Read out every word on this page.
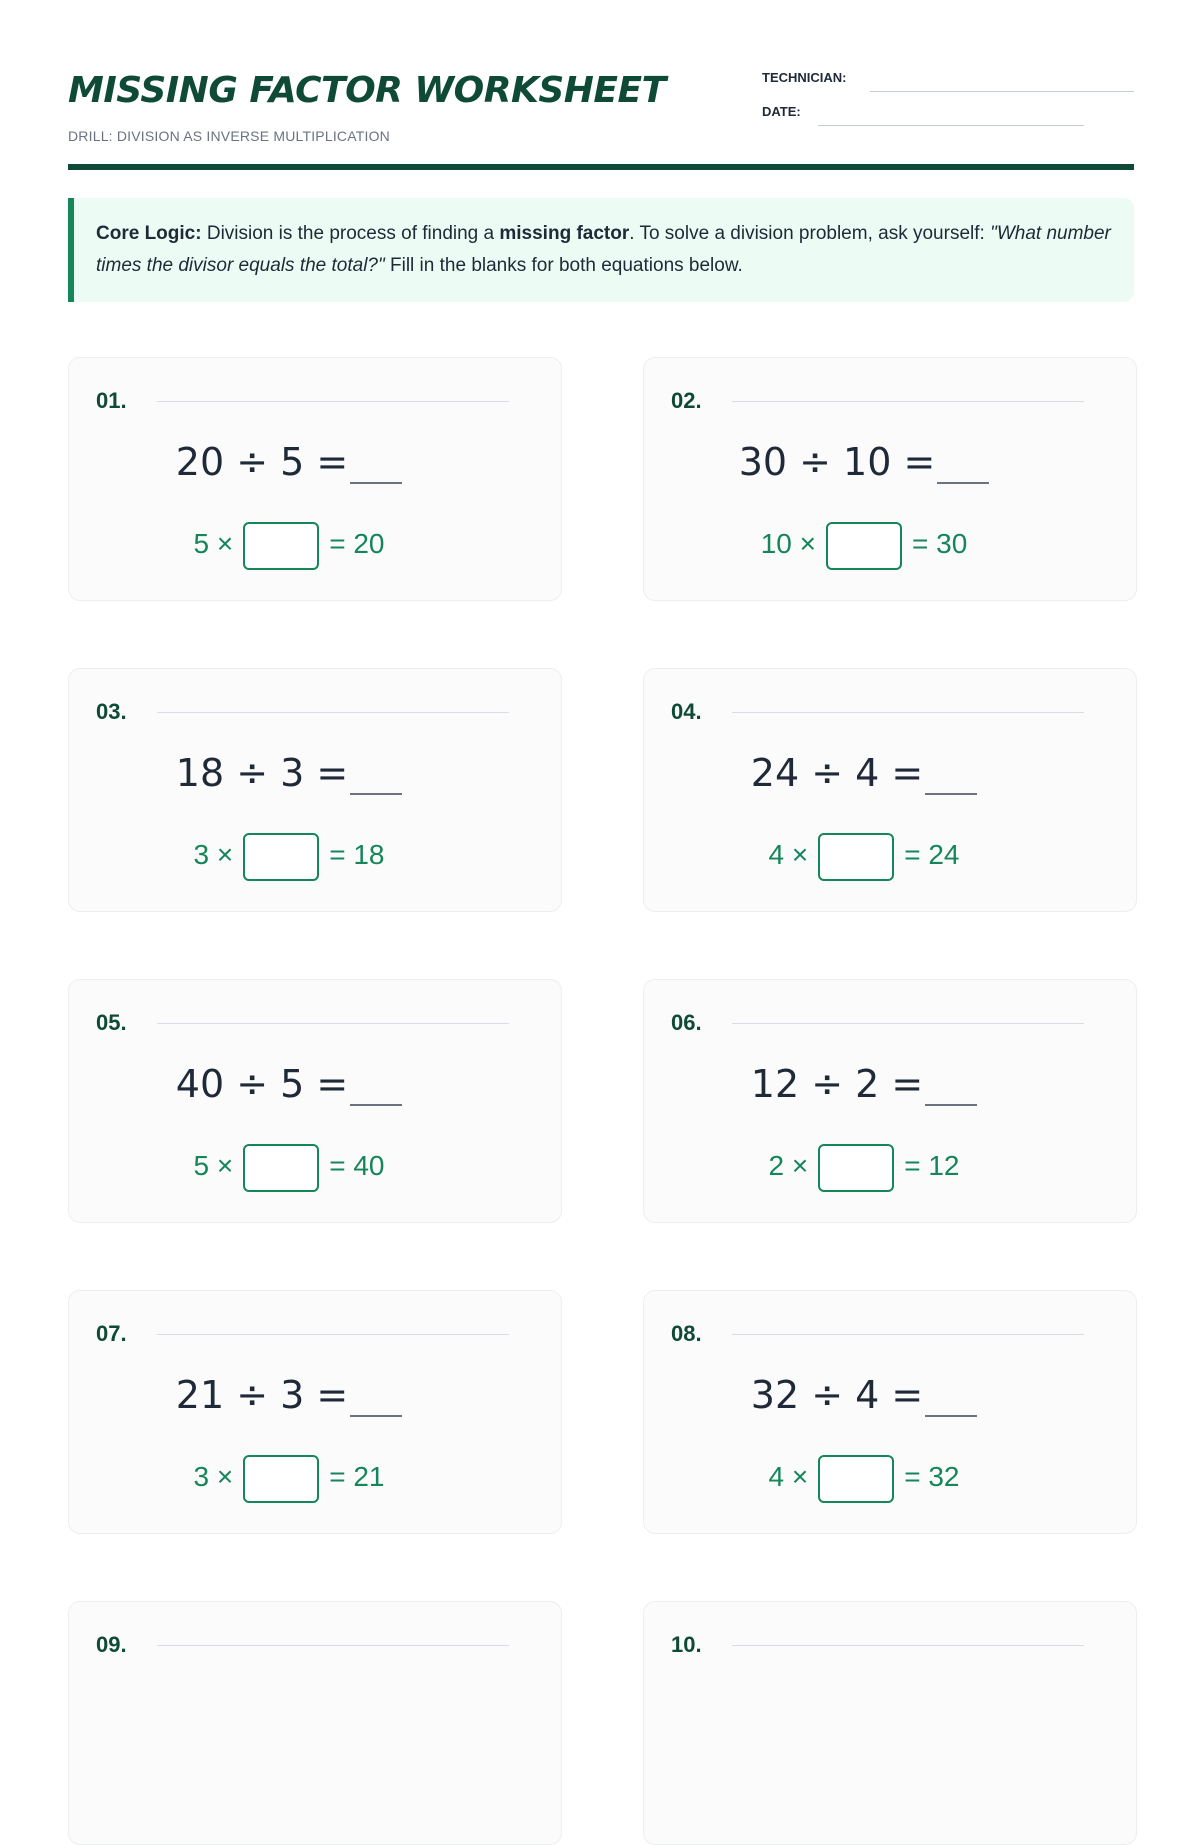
MISSING FACTOR WORKSHEET
DRILL: DIVISION AS INVERSE MULTIPLICATION
TECHNICIAN:
DATE:
Core Logic: Division is the process of finding a missing factor. To solve a division problem, ask yourself: "What number times the divisor equals the total?" Fill in the blanks for both equations below.
01.
20 ÷ 5 =
5 ×	= 20
02.
30 ÷ 10 =
10 ×	= 30
03.
18 ÷ 3 =
3 ×	= 18
04.
24 ÷ 4 =
4 ×	= 24
05.
40 ÷ 5 =
5 ×	= 40
06.
12 ÷ 2 =
2 ×	= 12
07.
21 ÷ 3 =
3 ×	= 21
08.
32 ÷ 4 =
4 ×	= 32
09.	10.
